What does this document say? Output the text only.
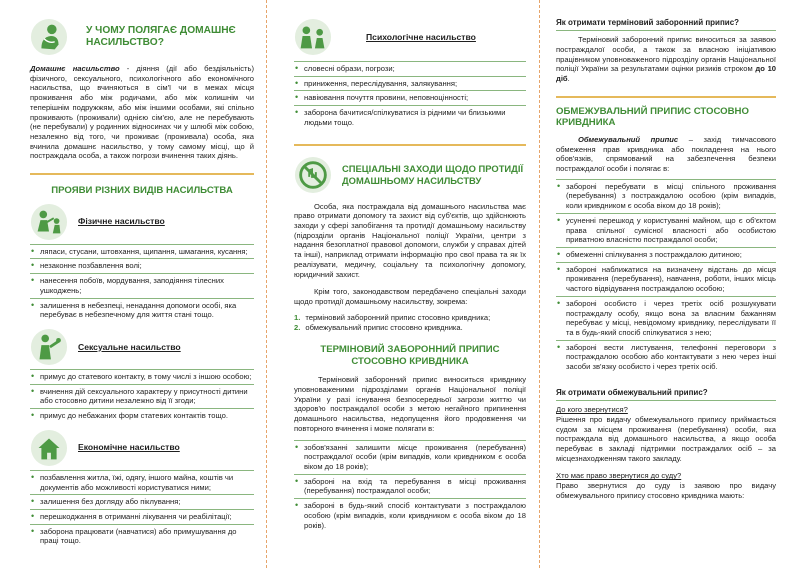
У ЧОМУ ПОЛЯГАЄ ДОМАШНЄ НАСИЛЬСТВО?

Домашнє насильство - діяння (дії або бездіяльність) фізичного, сексуального, психологічного або економічного насильства, що вчиняються в сім'ї чи в межах місця проживання або між родичами, або між колишнім чи теперішнім подружжям, або між іншими особами, які спільно проживають (проживали) однією сім'єю, але не перебувають (не перебували) у родинних відносинах чи у шлюбі між собою, незалежно від того, чи проживає (проживала) особа, яка вчинила домашнє насильство, у тому самому місці, що й постраждала особа, а також погрози вчинення таких діянь.

ПРОЯВИ РІЗНИХ ВИДІВ НАСИЛЬСТВА
Фізичне насильство
• ляпаси, стусани, штовхання, щипання, шмагання, кусання;
• незаконне позбавлення волі;
• нанесення побоїв, мордування, заподіяння тілесних ушкоджень;
• залишення в небезпеці, ненадання допомоги особі, яка перебуває в небезпечному для життя стані тощо.
Сексуальне насильство
• примус до статевого контакту, в тому числі з іншою особою;
• вчинення дій сексуального характеру у присутності дитини або стосовно дитини незалежно від її згоди;
• примус до небажаних форм статевих контактів тощо.
Економічне насильство
• позбавлення житла, їжі, одягу, іншого майна, коштів чи документів або можливості користуватися ними;
• залишення без догляду або піклування;
• перешкоджання в отриманні лікування чи реабілітації;
• заборона працювати (навчатися) або примушування до праці тощо.
Психологічне насильство
• словесні образи, погрози;
• приниження, переслідування, залякування;
• навіювання почуття провини, неповноцінності;
• заборона бачитися/спілкуватися із рідними чи близькими людьми тощо.
СПЕЦІАЛЬНІ ЗАХОДИ ЩОДО ПРОТИДІЇ ДОМАШНЬОМУ НАСИЛЬСТВУ

Особа, яка постраждала від домашнього насильства має право отримати допомогу та захист від суб'єктів, що здійснюють заходи у сфері запобігання та протидії домашньому насильству (підрозділи органів Національної поліції України, центри з надання безоплатної правової допомоги, служби у справах дітей та інші), наприклад отримати інформацію про свої права та як їх реалізувати, медичну, соціальну та психологічну допомогу, юридичний захист.

Крім того, законодавством передбачено спеціальні заходи щодо протидії домашньому насильству, зокрема:

1. терміновий заборонний припис стосовно кривдника;
2. обмежувальний припис стосовно кривдника.
ТЕРМІНОВИЙ ЗАБОРОННИЙ ПРИПИС СТОСОВНО КРИВДНИКА

Терміновий заборонний припис виноситься кривднику уповноваженими підрозділами органів Національної поліції України у разі існування безпосередньої загрози життю чи здоров'ю постраждалої особи з метою негайного припинення домашнього насильства, недопущення його продовження чи повторного вчинення і може полягати в:

• зобов'язанні залишити місце проживання (перебування) постраждалої особи (крім випадків, коли кривдником є особа віком до 18 років);
• забороні на вхід та перебування в місці проживання (перебування) постраждалої особи;
• забороні в будь-який спосіб контактувати з постраждалою особою (крім випадків, коли кривдником є особа віком до 18 років).
Як отримати терміновий заборонний припис?

Терміновий заборонний припис виноситься за заявою постраждалої особи, а також за власною ініціативою працівником уповноваженого підрозділу органів Національної поліції України за результатами оцінки ризиків строком до 10 діб.

ОБМЕЖУВАЛЬНИЙ ПРИПИС СТОСОВНО КРИВДНИКА

Обмежувальний припис – захід тимчасового обмеження прав кривдника або покладення на нього обов'язків, спрямований на забезпечення безпеки постраждалої особи і полягає в:

• забороні перебувати в місці спільного проживання (перебування) з постраждалою особою (крім випадків, коли кривдником є особа віком до 18 років);
• усуненні перешкод у користуванні майном, що є об'єктом права спільної сумісної власності або особистою приватною власністю постраждалої особи;
• обмеженні спілкування з постраждалою дитиною;
• забороні наближатися на визначену відстань до місця проживання (перебування), навчання, роботи, інших місць частого відвідування постраждалою особою;
• забороні особисто і через третіх осіб розшукувати постраждалу особу, якщо вона за власним бажанням перебуває у місці, невідомому кривднику, переслідувати її та в будь-який спосіб спілкуватися з нею;
• забороні вести листування, телефонні переговори з постраждалою особою або контактувати з нею через інші засоби зв'язку особисто і через третіх осіб.
Як отримати обмежувальний припис?
До кого звернутися?

Рішення про видачу обмежувального припису приймається судом за місцем проживання (перебування) особи, яка постраждала від домашнього насильства, а якщо особа перебуває в закладі підтримки постраждалих осіб – за місцезнаходженням такого закладу.

Хто має право звернутися до суду?

Право звернутися до суду із заявою про видачу обмежувального припису стосовно кривдника мають:
